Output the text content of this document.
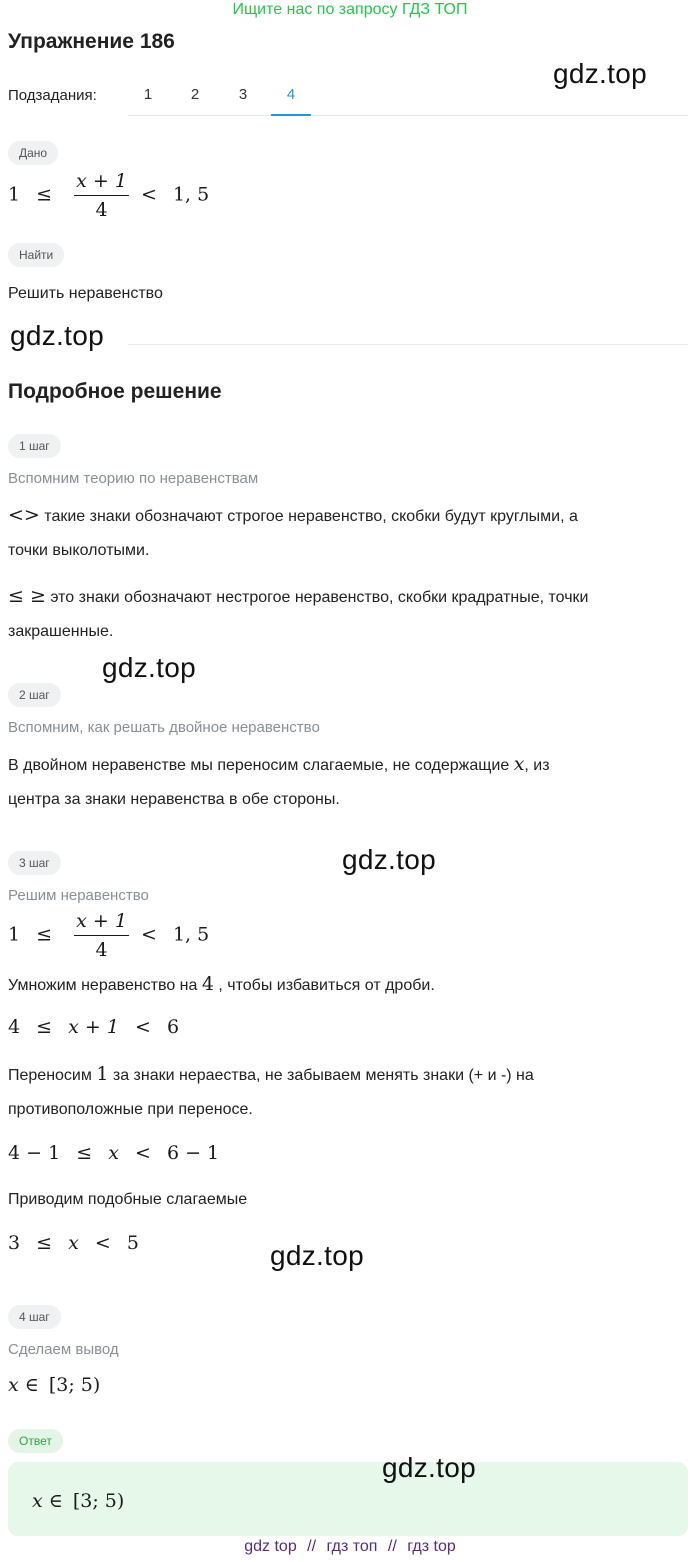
Ищите нас по запросу ГДЗ ТОП
Упражнение 186
gdz.top
gdz.top
gdz.top
gdz.top
gdz.top
Подзадания:	1	2	3	4
Дано
$1 \le \frac{x + 1}{4} < 1$, 5
Найти
Решить неравенство
Подробное решение
1 шаг
Вспомним теорию по неравенствам
<> такие знаки обозначают строгое неравенство, скобки будут круглыми, а
точки выколотыми.
≤ ≥ это знаки обозначают нестрогое неравенство, скобки крадратные, точки
закрашенные.
2 шаг
Вспомним, как решать двойное неравенство
В двойном неравенстве мы переносим слагаемые, не содержащие x, из
центра за знаки неравенства в обе стороны.
3 шаг
Решим неравенство
$1 \le \frac{x + 1}{4} < 1$, 5
Умножим неравенство на 4 , чтобы избавиться от дроби.
4 ≤ x + 1 < 6
Переносим 1 за знаки нераества, не забываем менять знаки (+ и -) на
противоположные при переносе.
4 − 1 ≤ x < 6 − 1
Приводим подобные слагаемые
3 ≤ x < 5
4 шаг
Сделаем вывод
x ∈ [3; 5)
Ответ
x ∈ [3; 5)
gdz.top
gdz top // гдз топ // гдз top
